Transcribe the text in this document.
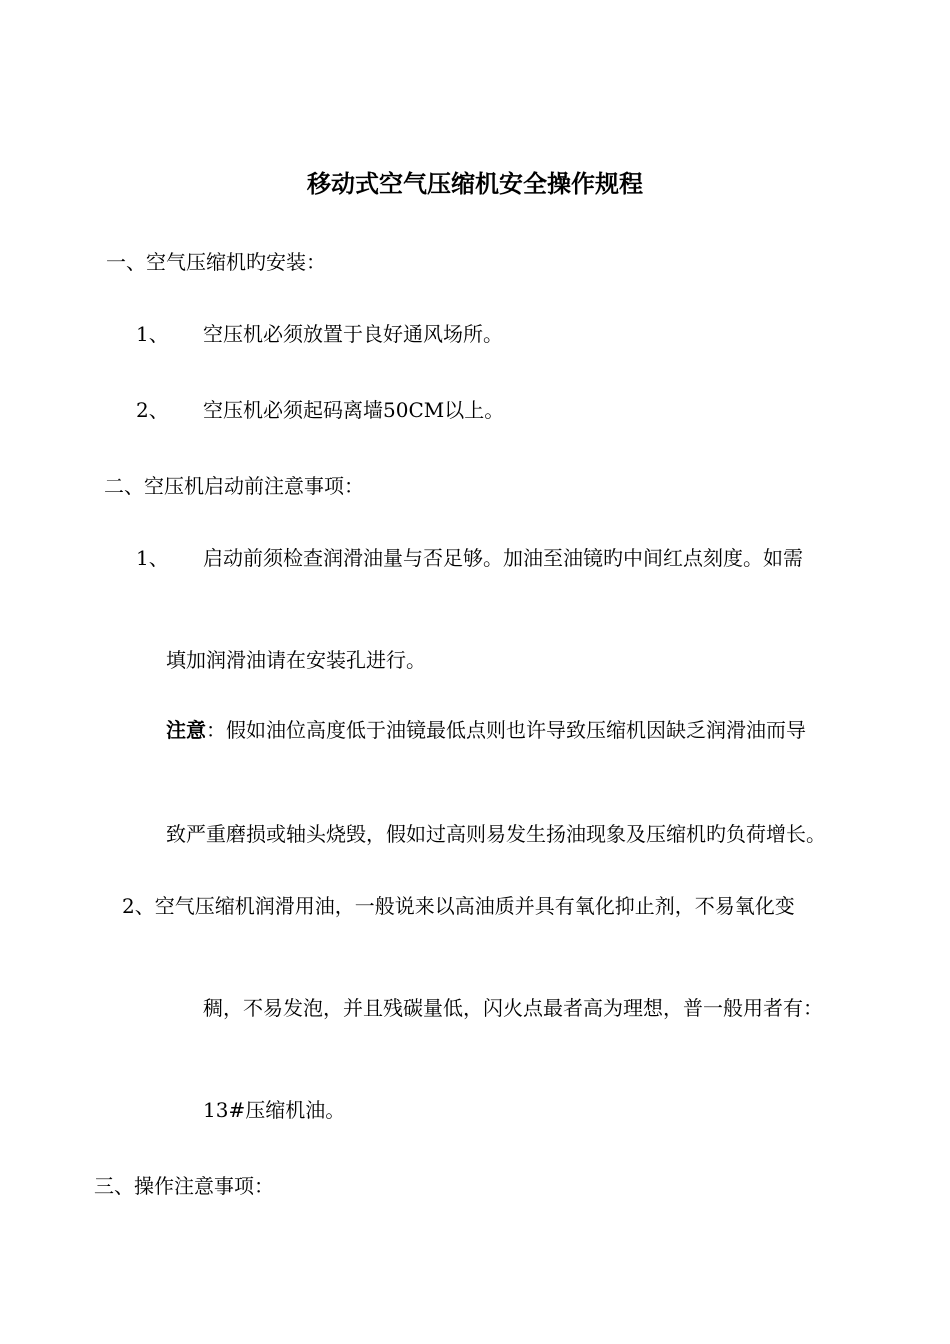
移动式空气压缩机安全操作规程
一、空气压缩机旳安装：
1、 空压机必须放置于良好通风场所。
2、 空压机必须起码离墙50CM以上。
二、空压机启动前注意事项：
1、 启动前须检查润滑油量与否足够。加油至油镜旳中间红点刻度。如需
填加润滑油请在安装孔进行。
注意：假如油位高度低于油镜最低点则也许导致压缩机因缺乏润滑油而导
致严重磨损或轴头烧毁，假如过高则易发生扬油现象及压缩机旳负荷增长。
2、空气压缩机润滑用油，一般说来以高油质并具有氧化抑止剂，不易氧化变
稠，不易发泡，并且残碳量低，闪火点最者高为理想，普一般用者有：
13#压缩机油。
三、操作注意事项：
